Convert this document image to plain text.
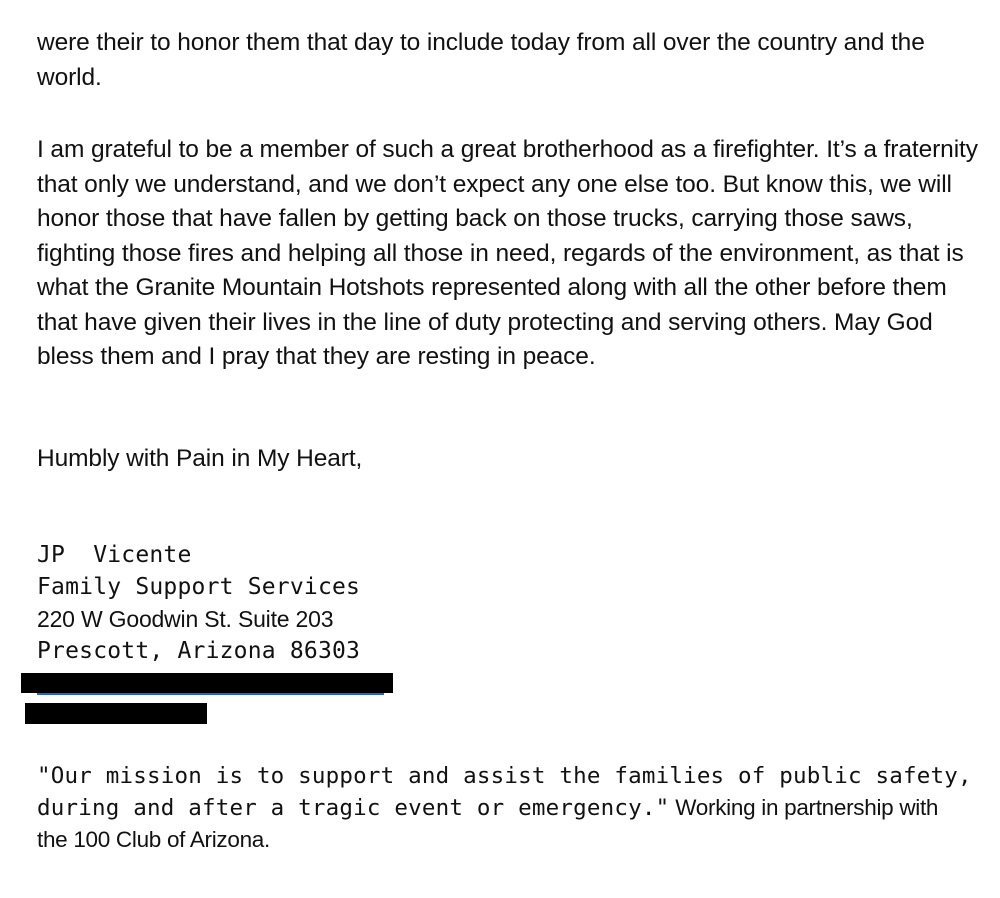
were their to honor them that day to include today from all over the country and the world.

I am grateful to be a member of such a great brotherhood as a firefighter. It’s a fraternity that only we understand, and we don’t expect any one else too. But know this, we will honor those that have fallen by getting back on those trucks, carrying those saws, fighting those fires and helping all those in need, regards of the environment, as that is what the Granite Mountain Hotshots represented along with all the other before them that have given their lives in the line of duty protecting and serving others. May God bless them and I pray that they are resting in peace.

Humbly with Pain in My Heart,

JP  Vicente
Family Support Services
220 W Goodwin St. Suite 203
Prescott, Arizona 86303
"Our mission is to support and assist the families of public safety,
during and after a tragic event or emergency." Working in partnership with
the 100 Club of Arizona.
